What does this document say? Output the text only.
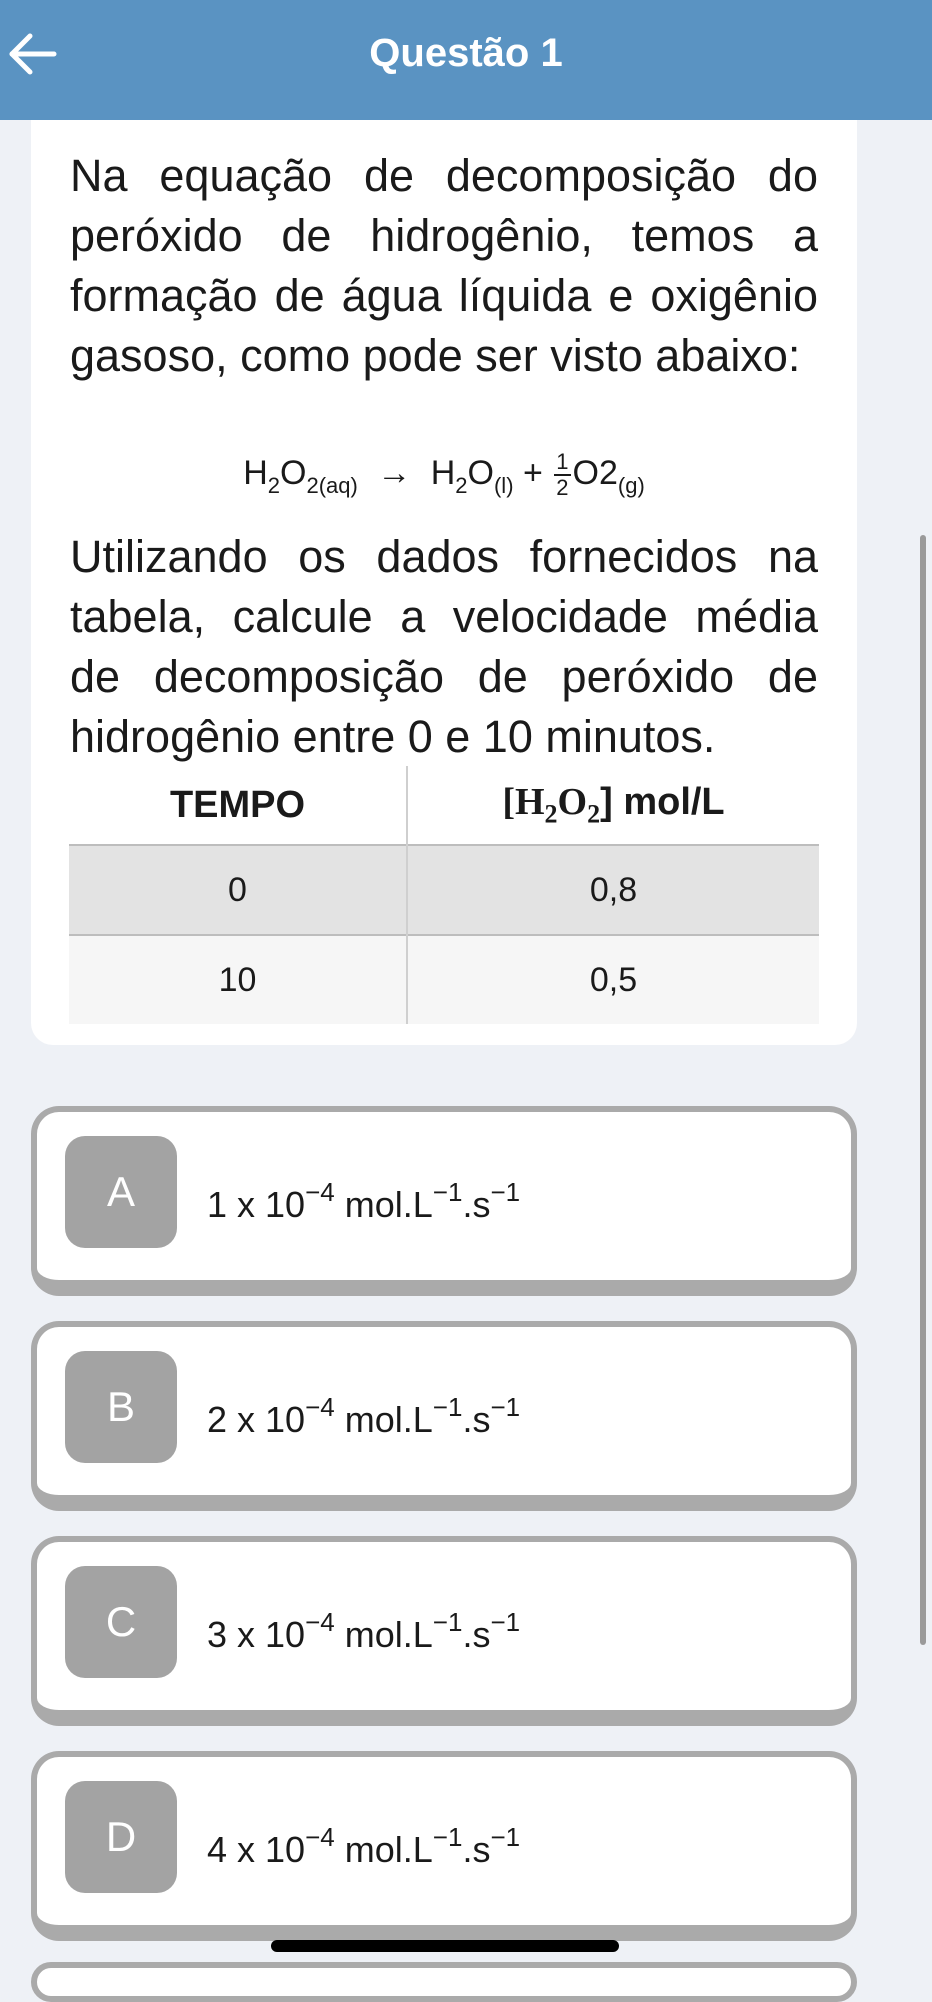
Questão 1

Na equação de decomposição do peróxido de hidrogênio, temos a formação de água líquida e oxigênio gasoso, como pode ser visto abaixo:

$H_2O_{2(aq)} \to H_2O_{(l)} + \frac{1}{2} O2_{(g)}$

Utilizando os dados fornecidos na tabela, calcule a velocidade média de decomposição de peróxido de hidrogênio entre 0 e 10 minutos.

TEMPO	$[H_2O_2]$ mol/L
0	0,8
10	0,5
A	1 x $10^{-4}$ $mol.L^{-1}.s^{-1}$
B	2 x $10^{-4}$ $mol.L^{-1}.s^{-1}$
C	3 x $10^{-4}$ $mol.L^{-1}.s^{-1}$
D	4 x $10^{-4}$ $mol.L^{-1}.s^{-1}$
